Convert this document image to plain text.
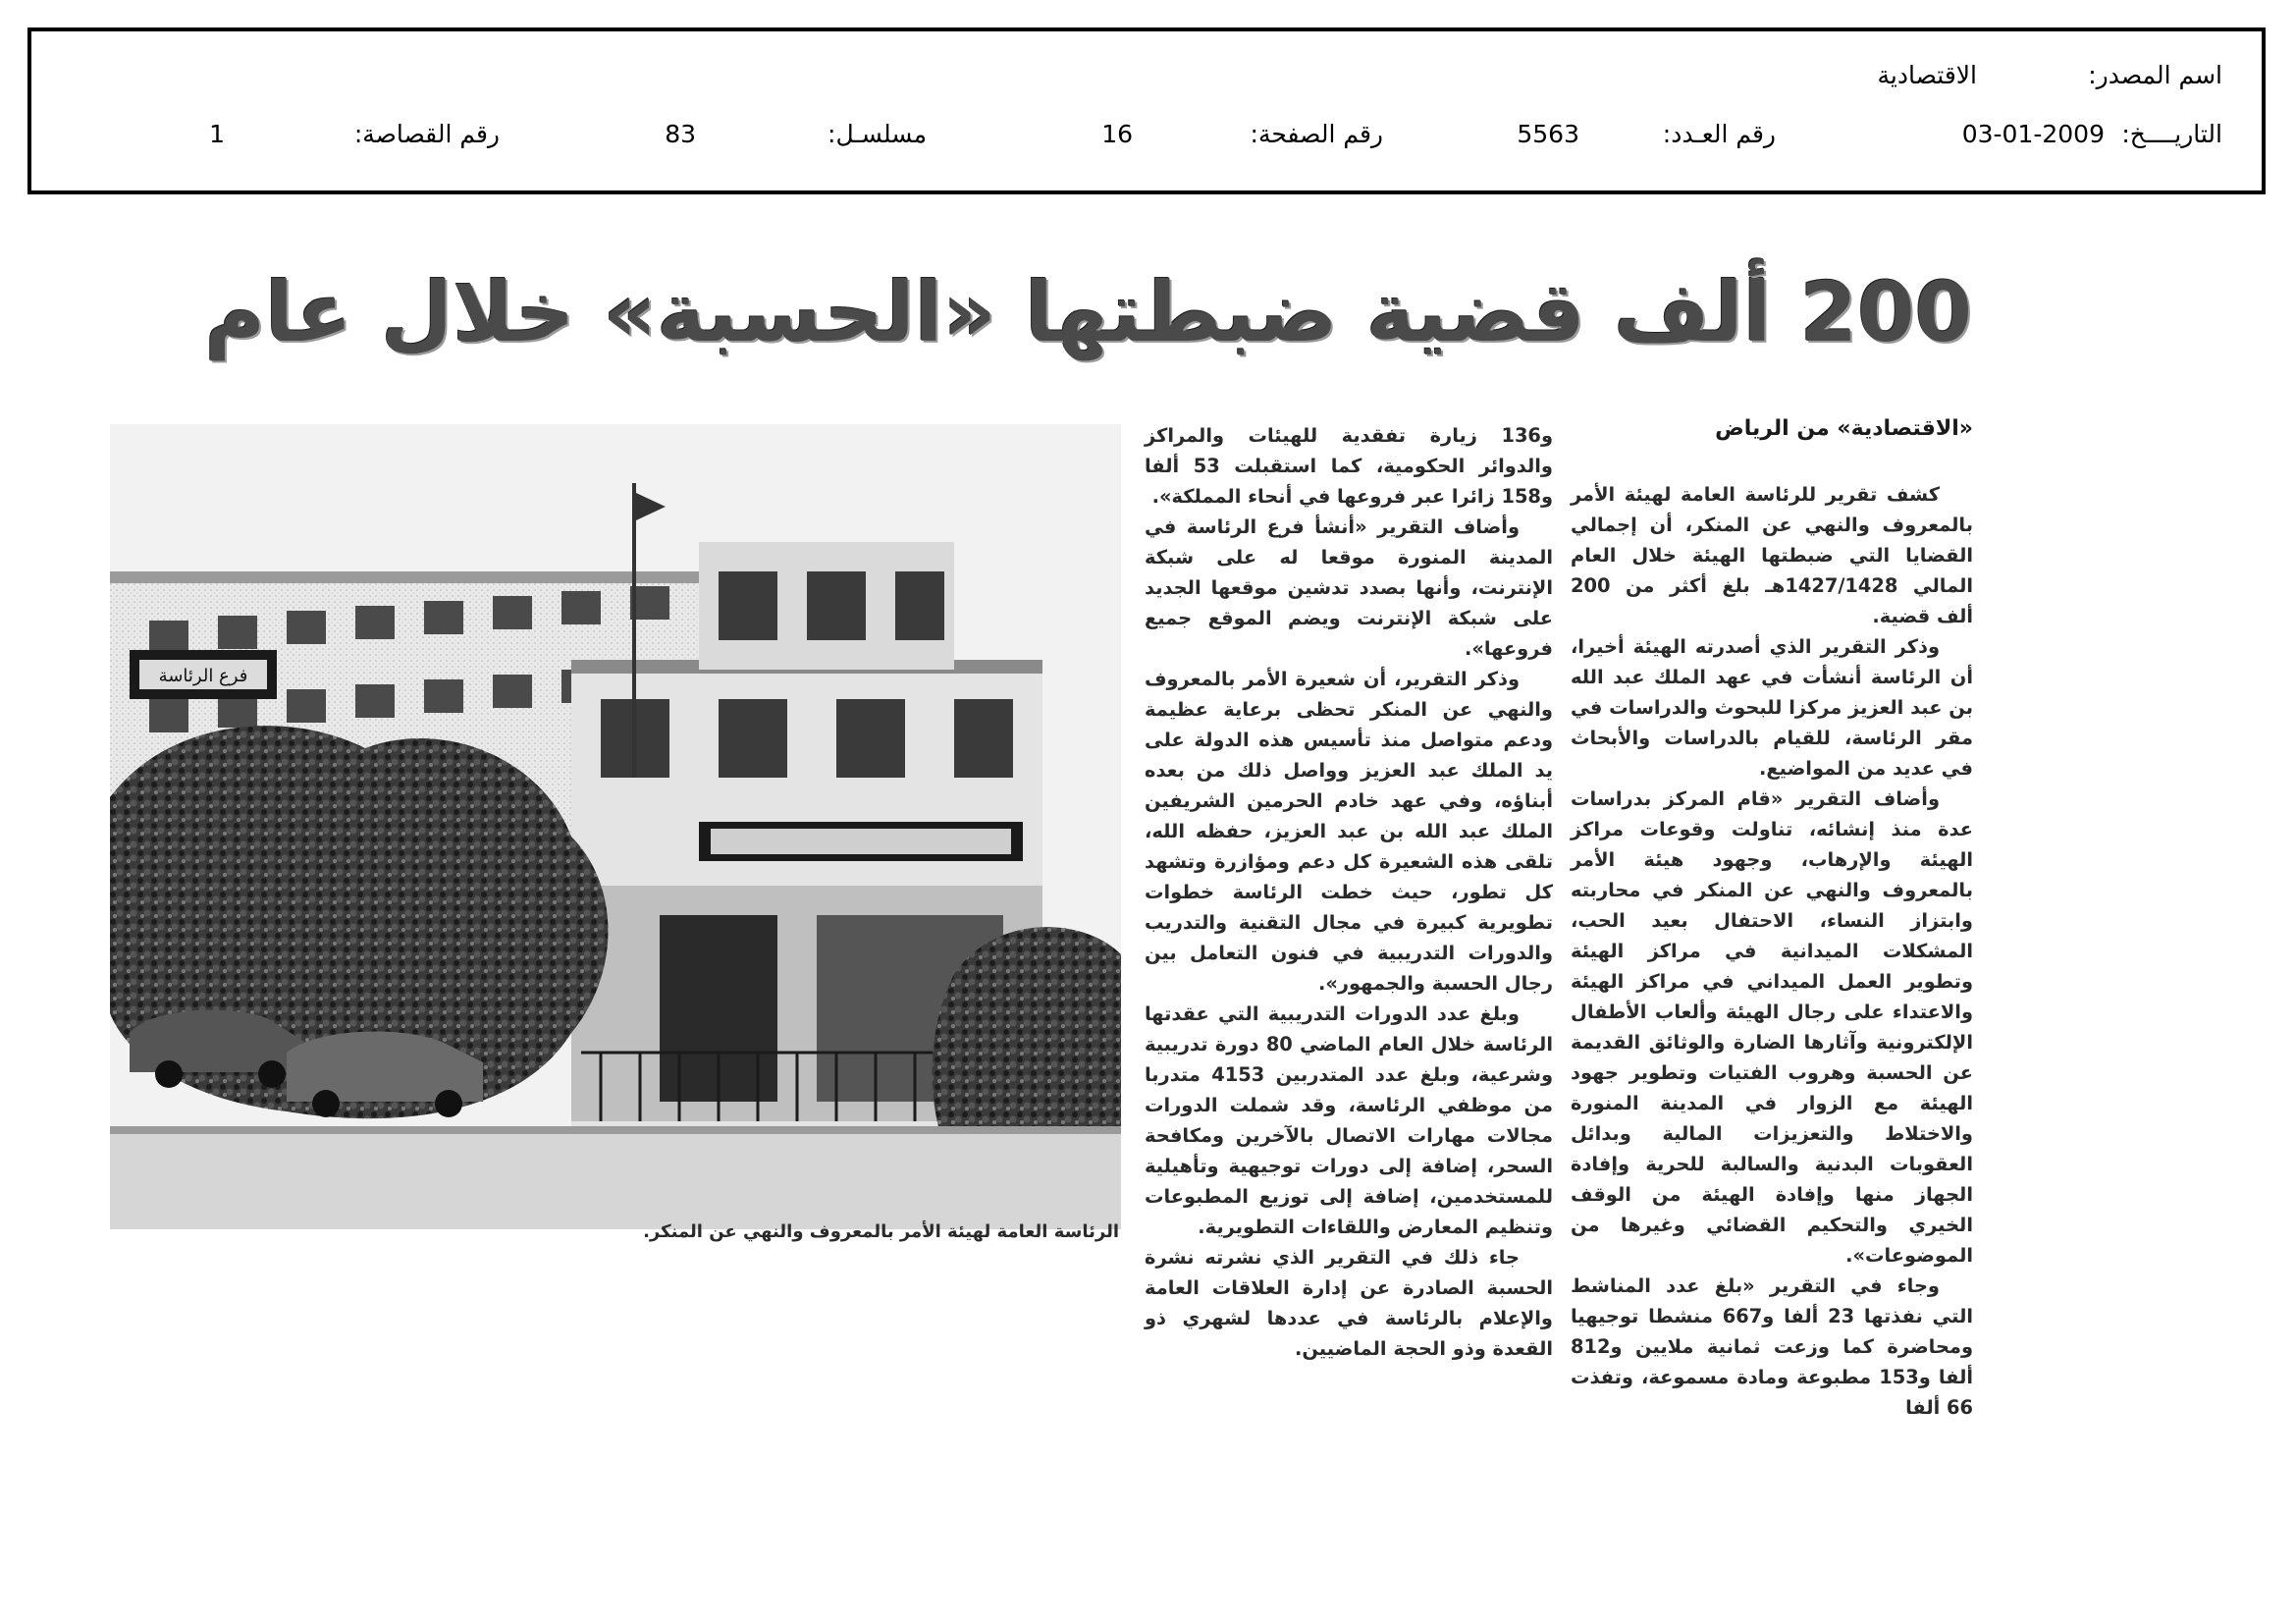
اسم المصدر:
الاقتصادية
التاريــــخ:
03-01-2009
رقم العـدد:
5563
رقم الصفحة:
16
مسلسـل:
83
رقم القصاصة:
1
200 ألف قضية ضبطتها «الحسبة» خلال عام
«الاقتصادية» من الرياض

كشف تقرير للرئاسة العامة لهيئة الأمر بالمعروف والنهي عن المنكر، أن إجمالي القضايا التي ضبطتها الهيئة خلال العام المالي 1427/1428هـ بلغ أكثر من 200 ألف قضية.

وذكر التقرير الذي أصدرته الهيئة أخيرا، أن الرئاسة أنشأت في عهد الملك عبد الله بن عبد العزيز مركزا للبحوث والدراسات في مقر الرئاسة، للقيام بالدراسات والأبحاث في عديد من المواضيع.

وأضاف التقرير «قام المركز بدراسات عدة منذ إنشائه، تناولت وقوعات مراكز الهيئة والإرهاب، وجهود هيئة الأمر بالمعروف والنهي عن المنكر في محاربته وابتزاز النساء، الاحتفال بعيد الحب، المشكلات الميدانية في مراكز الهيئة وتطوير العمل الميداني في مراكز الهيئة والاعتداء على رجال الهيئة وألعاب الأطفال الإلكترونية وآثارها الضارة والوثائق القديمة عن الحسبة وهروب الفتيات وتطوير جهود الهيئة مع الزوار في المدينة المنورة والاختلاط والتعزيزات المالية وبدائل العقوبات البدنية والسالبة للحرية وإفادة الجهاز منها وإفادة الهيئة من الوقف الخيري والتحكيم القضائي وغيرها من الموضوعات».

وجاء في التقرير «بلغ عدد المناشط التي نفذتها 23 ألفا و667 منشطا توجيهيا ومحاضرة كما وزعت ثمانية ملايين و812 ألفا و153 مطبوعة ومادة مسموعة، وتفذت 66 ألفا

و136 زيارة تفقدية للهيئات والمراكز والدوائر الحكومية، كما استقبلت 53 ألفا و158 زائرا عبر فروعها في أنحاء المملكة».

وأضاف التقرير «أنشأ فرع الرئاسة في المدينة المنورة موقعا له على شبكة الإنترنت، وأنها بصدد تدشين موقعها الجديد على شبكة الإنترنت ويضم الموقع جميع فروعها».

وذكر التقرير، أن شعيرة الأمر بالمعروف والنهي عن المنكر تحظى برعاية عظيمة ودعم متواصل منذ تأسيس هذه الدولة على يد الملك عبد العزيز وواصل ذلك من بعده أبناؤه، وفي عهد خادم الحرمين الشريفين الملك عبد الله بن عبد العزيز، حفظه الله، تلقى هذه الشعيرة كل دعم ومؤازرة وتشهد كل تطور، حيث خطت الرئاسة خطوات تطويرية كبيرة في مجال التقنية والتدريب والدورات التدريبية في فنون التعامل بين رجال الحسبة والجمهور».

وبلغ عدد الدورات التدريبية التي عقدتها الرئاسة خلال العام الماضي 80 دورة تدريبية وشرعية، وبلغ عدد المتدربين 4153 متدربا من موظفي الرئاسة، وقد شملت الدورات مجالات مهارات الاتصال بالآخرين ومكافحة السحر، إضافة إلى دورات توجيهية وتأهيلية للمستخدمين، إضافة إلى توزيع المطبوعات وتنظيم المعارض واللقاءات التطويرية.

جاء ذلك في التقرير الذي نشرته نشرة الحسبة الصادرة عن إدارة العلاقات العامة والإعلام بالرئاسة في عددها لشهري ذو القعدة وذو الحجة الماضيين.

فرع الرئاسة
الرئاسة العامة لهيئة الأمر بالمعروف والنهي عن المنكر.
